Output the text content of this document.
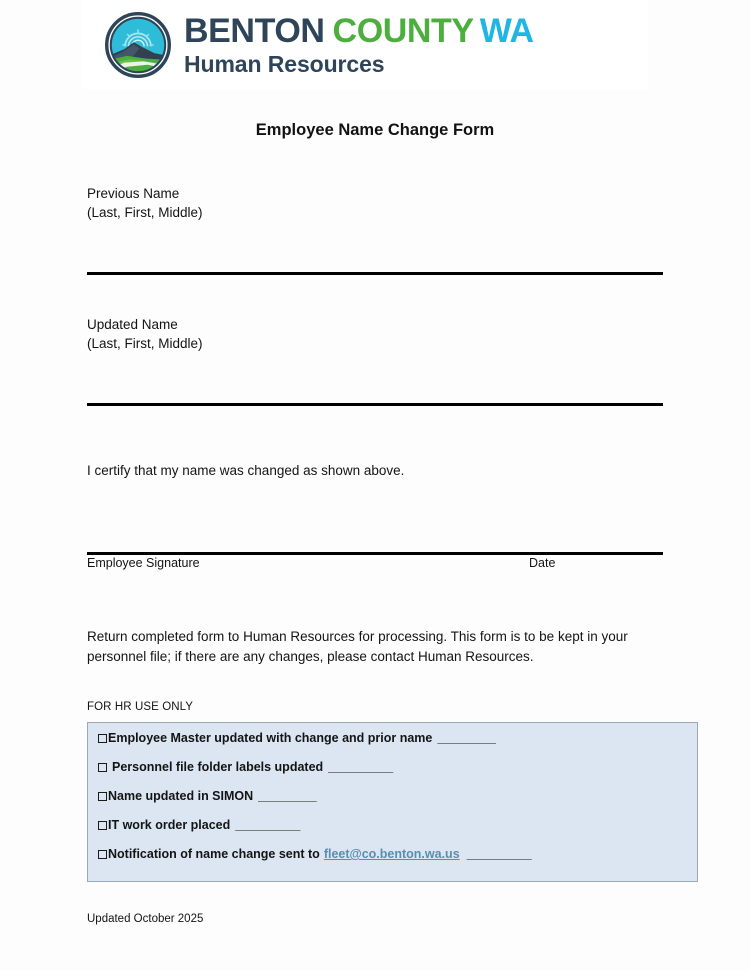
BENTON COUNTY WA
Human Resources
Employee Name Change Form
Previous Name
(Last, First, Middle)
Updated Name
(Last, First, Middle)
I certify that my name was changed as shown above.
Employee Signature	Date
Return completed form to Human Resources for processing. This form is to be kept in your personnel file; if there are any changes, please contact Human Resources.
FOR HR USE ONLY
Employee Master updated with change and prior name _________
Personnel file folder labels updated __________
Name updated in SIMON _________
IT work order placed __________
Notification of name change sent to fleet@co.benton.wa.us __________
Updated October 2025
